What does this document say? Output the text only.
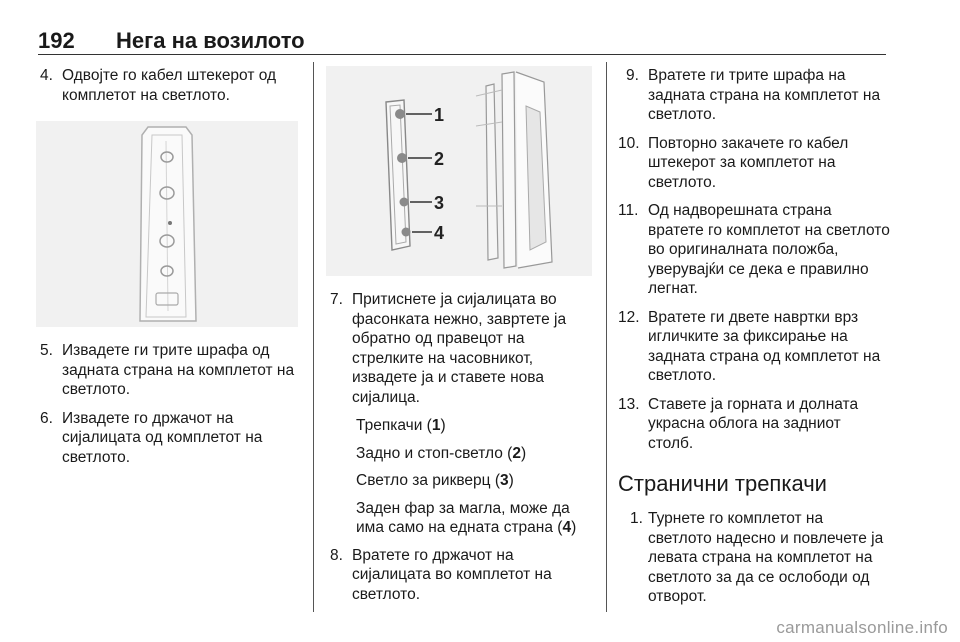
192 Нега на возилото
4. Одвојте го кабел штекерот од комплетот на светлото.
5. Извадете ги трите шрафа од задната страна на комплетот на светлото.
6. Извадете го држачот на сијалицата од комплетот на светлото.
1
2
3
4
7. Притиснете ја сијалицата во фасонката нежно, завртете ја обратно од правецот на стрелките на часовникот, извадете ја и ставете нова сијалица.
Трепкачи (1)
Задно и стоп-светло (2)
Светло за рикверц (3)
Заден фар за магла, може да има само на едната страна (4)
8. Вратете го држачот на сијалицата во комплетот на светлото.
9. Вратете ги трите шрафа на задната страна на комплетот на светлото.
10. Повторно закачете го кабел штекерот за комплетот на светлото.
11. Од надворешната страна вратете го комплетот на светлото во оригиналната положба, уверувајќи се дека е правилно легнат.
12. Вратете ги двете навртки врз игличките за фиксирање на задната страна од комплетот на светлото.
13. Ставете ја горната и долната украсна облога на задниот столб.
Странични трепкачи
1. Турнете го комплетот на светлото надесно и повлечете ја левата страна на комплетот на светлото за да се ослободи од отворот.
carmanualsonline.info
